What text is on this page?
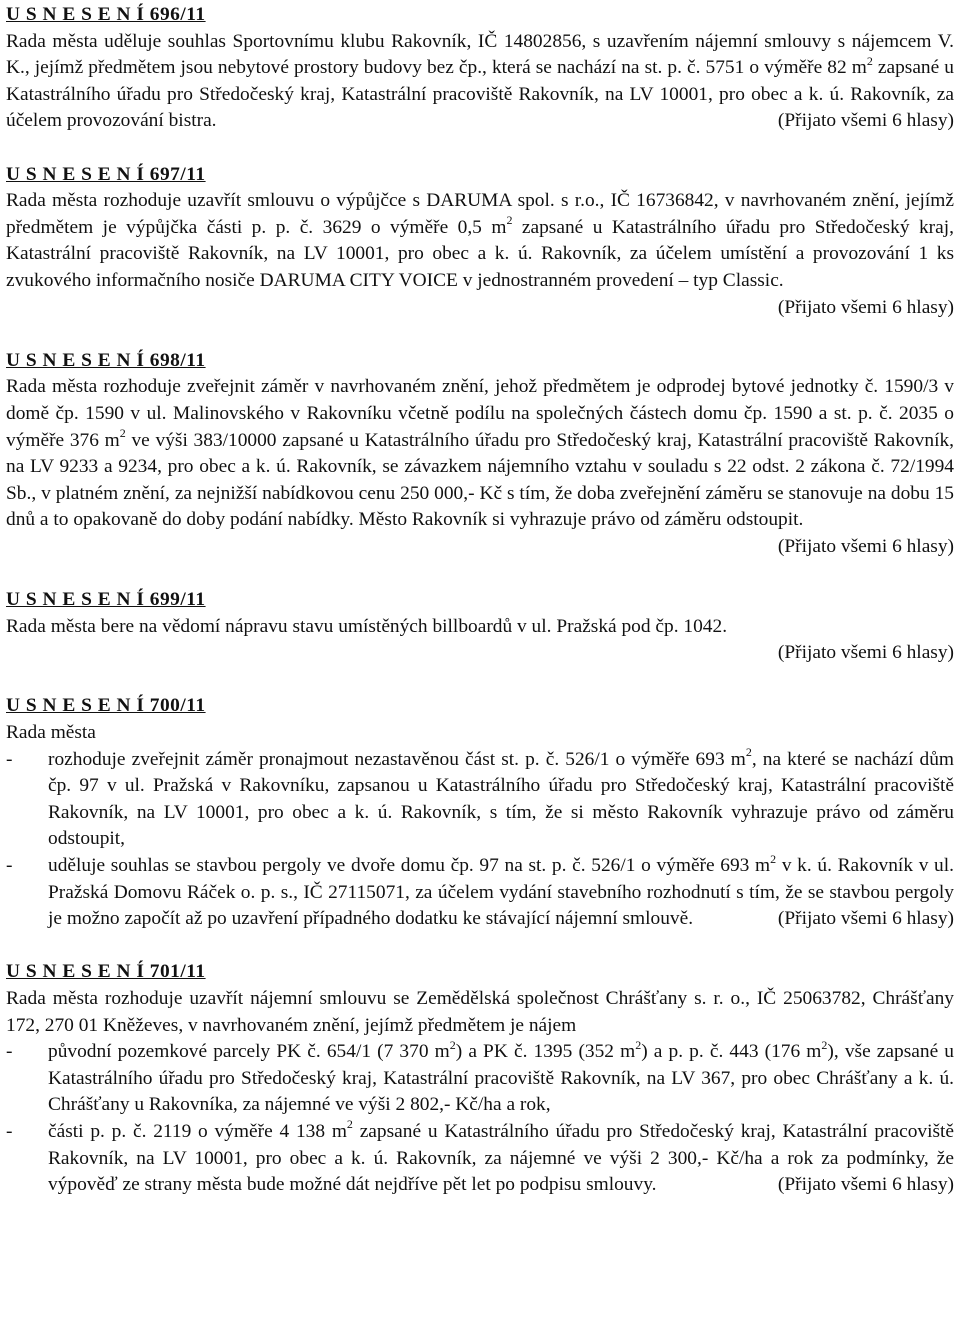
U S N E S E N Í 696/11

Rada města uděluje souhlas Sportovnímu klubu Rakovník, IČ 14802856, s uzavřením nájemní smlouvy s nájemcem V. K., jejímž předmětem jsou nebytové prostory budovy bez čp., která se nachází na st. p. č. 5751 o výměře 82 $m^2$ zapsané u Katastrálního úřadu pro Středočeský kraj, Katastrální pracoviště Rakovník, na LV 10001, pro obec a k. ú. Rakovník, za účelem provozování bistra.	(Přijato všemi 6 hlasy)

U S N E S E N Í 697/11

Rada města rozhoduje uzavřít smlouvu o výpůjčce s DARUMA spol. s r.o., IČ 16736842, v navrhovaném znění, jejímž předmětem je výpůjčka části p. p. č. 3629 o výměře 0,5 $m^2$ zapsané u Katastrálního úřadu pro Středočeský kraj, Katastrální pracoviště Rakovník, na LV 10001, pro obec a k. ú. Rakovník, za účelem umístění a provozování 1 ks zvukového informačního nosiče DARUMA CITY VOICE v jednostranném provedení – typ Classic.
(Přijato všemi 6 hlasy)

U S N E S E N Í 698/11

Rada města rozhoduje zveřejnit záměr v navrhovaném znění, jehož předmětem je odprodej bytové jednotky č. 1590/3 v domě čp. 1590 v ul. Malinovského v Rakovníku včetně podílu na společných částech domu čp. 1590 a st. p. č. 2035 o výměře 376 $m^2$ ve výši 383/10000 zapsané u Katastrálního úřadu pro Středočeský kraj, Katastrální pracoviště Rakovník, na LV 9233 a 9234, pro obec a k. ú. Rakovník, se závazkem nájemního vztahu v souladu s 22 odst. 2 zákona č. 72/1994 Sb., v platném znění, za nejnižší nabídkovou cenu 250 000,- Kč s tím, že doba zveřejnění záměru se stanovuje na dobu 15 dnů a to opakovaně do doby podání nabídky. Město Rakovník si vyhrazuje právo od záměru odstoupit.
(Přijato všemi 6 hlasy)

U S N E S E N Í 699/11

Rada města bere na vědomí nápravu stavu umístěných billboardů v ul. Pražská pod čp. 1042.

(Přijato všemi 6 hlasy)

U S N E S E N Í 700/11

Rada města

-	rozhoduje zveřejnit záměr pronajmout nezastavěnou část st. p. č. 526/1 o výměře 693 $m^2$, na které se nachází dům čp. 97 v ul. Pražská v Rakovníku, zapsanou u Katastrálního úřadu pro Středočeský kraj, Katastrální pracoviště Rakovník, na LV 10001, pro obec a k. ú. Rakovník, s tím, že si město Rakovník vyhrazuje právo od záměru odstoupit,
-	uděluje souhlas se stavbou pergoly ve dvoře domu čp. 97 na st. p. č. 526/1 o výměře 693 $m^2$ v k. ú. Rakovník v ul. Pražská Domovu Ráček o. p. s., IČ 27115071, za účelem vydání stavebního rozhodnutí s tím, že se stavbou pergoly je možno započít až po uzavření případného dodatku ke stávající nájemní smlouvě.	(Přijato všemi 6 hlasy)

U S N E S E N Í 701/11

Rada města rozhoduje uzavřít nájemní smlouvu se Zemědělská společnost Chrášťany s. r. o., IČ 25063782, Chrášťany 172, 270 01 Kněževes, v navrhovaném znění, jejímž předmětem je nájem

-	původní pozemkové parcely PK č. 654/1 (7 370 $m^2$) a PK č. 1395 (352 $m^2$) a p. p. č. 443 (176 $m^2$), vše zapsané u Katastrálního úřadu pro Středočeský kraj, Katastrální pracoviště Rakovník, na LV 367, pro obec Chrášťany a k. ú. Chrášťany u Rakovníka, za nájemné ve výši 2 802,- Kč/ha a rok,
-	části p. p. č. 2119 o výměře 4 138 $m^2$ zapsané u Katastrálního úřadu pro Středočeský kraj, Katastrální pracoviště Rakovník, na LV 10001, pro obec a k. ú. Rakovník, za nájemné ve výši 2 300,- Kč/ha a rok za podmínky, že výpověď ze strany města bude možné dát nejdříve pět let po podpisu smlouvy.	(Přijato všemi 6 hlasy)
